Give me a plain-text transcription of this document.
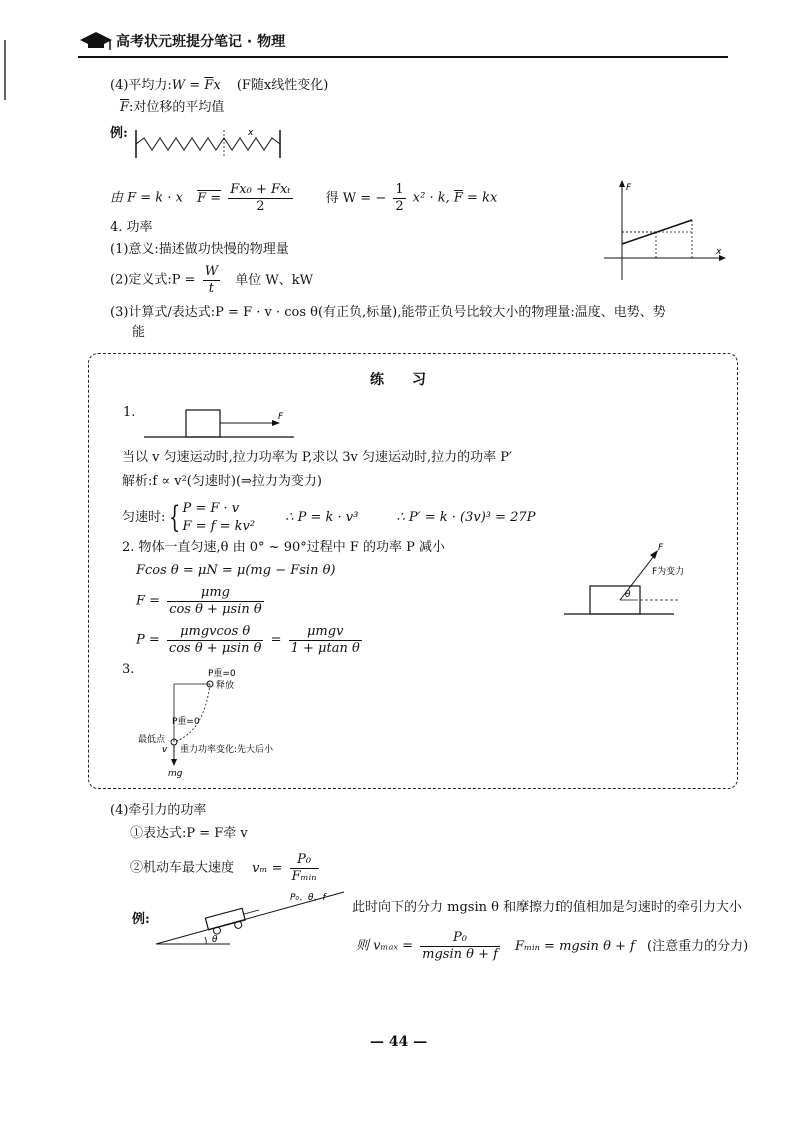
高考状元班提分笔记 · 物理
(4)平均力:W = $\overline{F}x$ (F随x线性变化)
$\overline{F}$:对位移的平均值
例:	x
由 F = k · x $F = \frac{\text{Fx₀ + Fxₜ}}{2}$	得 W = − $\frac{1}{2} x^2 \cdot k$, $\overline{F}$ = kx
F
x
4. 功率
(1)意义:描述做功快慢的物理量
(2)定义式:P = $\frac{W}{t}$ 单位 W、kW
(3)计算式/表达式:P = F · v · cos θ(有正负,标量),能带正负号比较大小的物理量:温度、电势、势
能
练　　习
1.	F
当以 v 匀速运动时,拉力功率为 P,求以 3v 匀速运动时,拉力的功率 P′
解析:f ∝ v²(匀速时)(⇒拉力为变力)
匀速时: { P = F · v
F = f = kv² ∴ P = k · v³	∴ P′ = k · (3v)³ = 27P
2. 物体一直匀速,θ 由 0° ~ 90°过程中 F 的功率 P 减小
Fcos θ = μN = μ(mg − Fsin θ)
$F = \frac{\text{μmg}}{\text{cos θ + μsin θ}}$
$P = \frac{\text{μmgvcos θ}}{\text{cos θ + μsin θ}} = \frac{\text{μmgv}}{\text{1 + μtan θ}}$
θ
F
F为变力
3.	P重=0
释放
P重=0
最低点
v 重力功率变化:先大后小
mg
(4)牵引力的功率
①表达式:P = F牵 v
②机动车最大速度 $v_m = \frac{\text{P₀}}{\text{Fₘᵢₙ}}$
例:
θ
P₀、θ、f
此时向下的分力 mgsin θ 和摩擦力f的值相加是匀速时的牵引力大小
则 $v_{max} = \frac{\text{P₀}}{\text{mgsin θ + f}}$ Fₘᵢₙ = mgsin θ + f (注意重力的分力)
— 44 —
